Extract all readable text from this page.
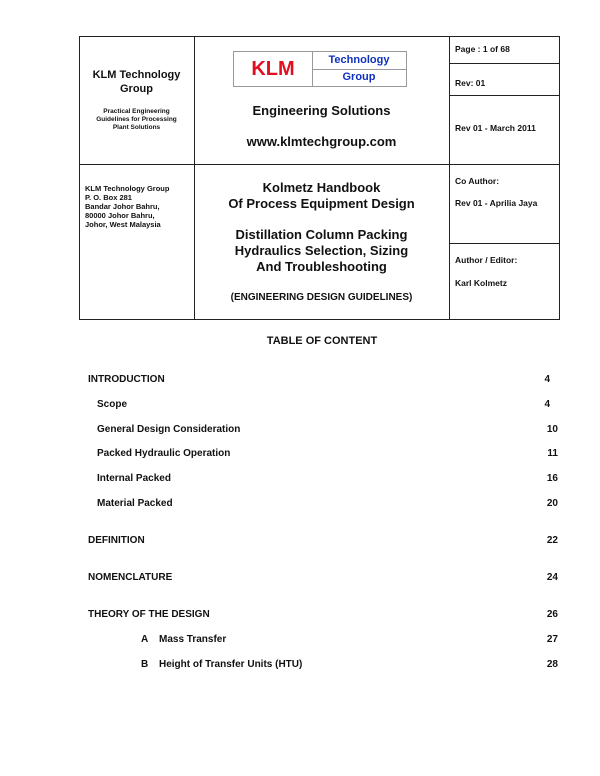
KLM Technology
Group
Practical Engineering
Guidelines for Processing
Plant Solutions
KLM	Technology
Group
Engineering Solutions
www.klmtechgroup.com
Page : 1 of 68
Rev: 01
Rev 01 - March 2011
KLM Technology Group
P. O. Box 281
Bandar Johor Bahru,
80000 Johor Bahru,
Johor, West Malaysia
Kolmetz Handbook
Of Process Equipment Design
Distillation Column Packing
Hydraulics Selection, Sizing
And Troubleshooting
(ENGINEERING DESIGN GUIDELINES)
Co Author:
Rev 01 - Aprilia Jaya
Author / Editor:
Karl Kolmetz
TABLE OF CONTENT
INTRODUCTION	4
Scope	4
General Design Consideration	10
Packed Hydraulic Operation	11
Internal Packed	16
Material Packed	20
DEFINITION	22
NOMENCLATURE	24
THEORY OF THE DESIGN	26
A Mass Transfer	27
B Height of Transfer Units (HTU)	28
